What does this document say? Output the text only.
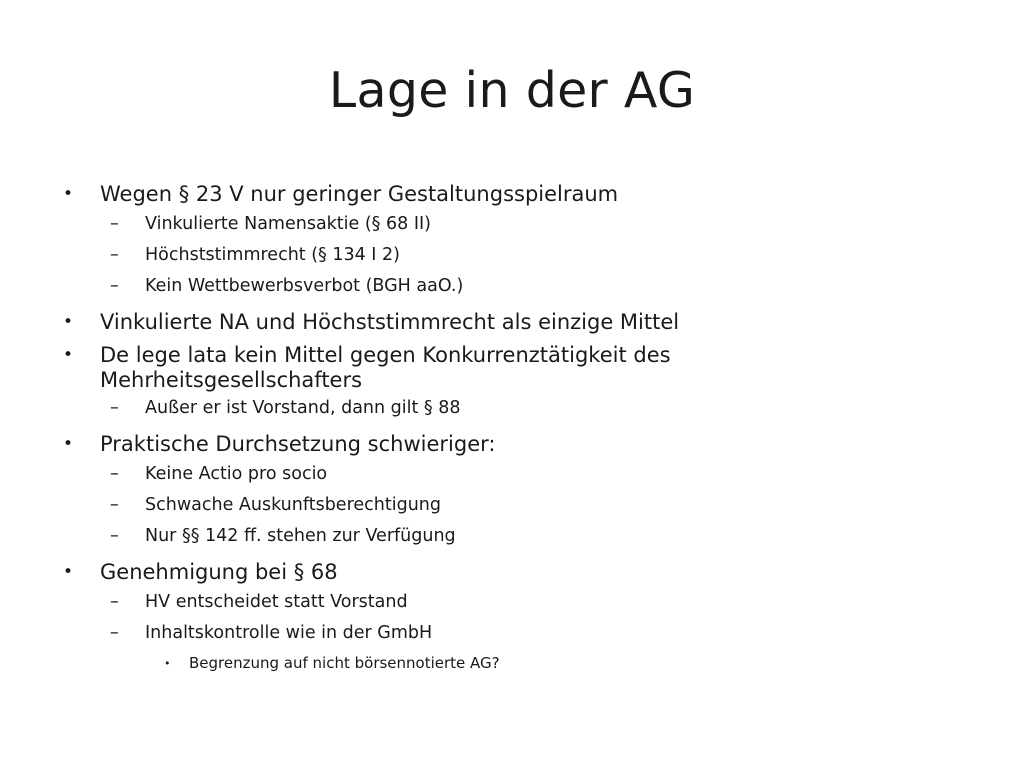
Lage in der AG
• Wegen § 23 V nur geringer Gestaltungsspielraum
– Vinkulierte Namensaktie (§ 68 II)
– Höchststimmrecht (§ 134 I 2)
– Kein Wettbewerbsverbot (BGH aaO.)
• Vinkulierte NA und Höchststimmrecht als einzige Mittel
• De lege lata kein Mittel gegen Konkurrenztätigkeit des Mehrheitsgesellschafters
– Außer er ist Vorstand, dann gilt § 88
• Praktische Durchsetzung schwieriger:
– Keine Actio pro socio
– Schwache Auskunftsberechtigung
– Nur §§ 142 ff. stehen zur Verfügung
• Genehmigung bei § 68
– HV entscheidet statt Vorstand
– Inhaltskontrolle wie in der GmbH
• Begrenzung auf nicht börsennotierte AG?
